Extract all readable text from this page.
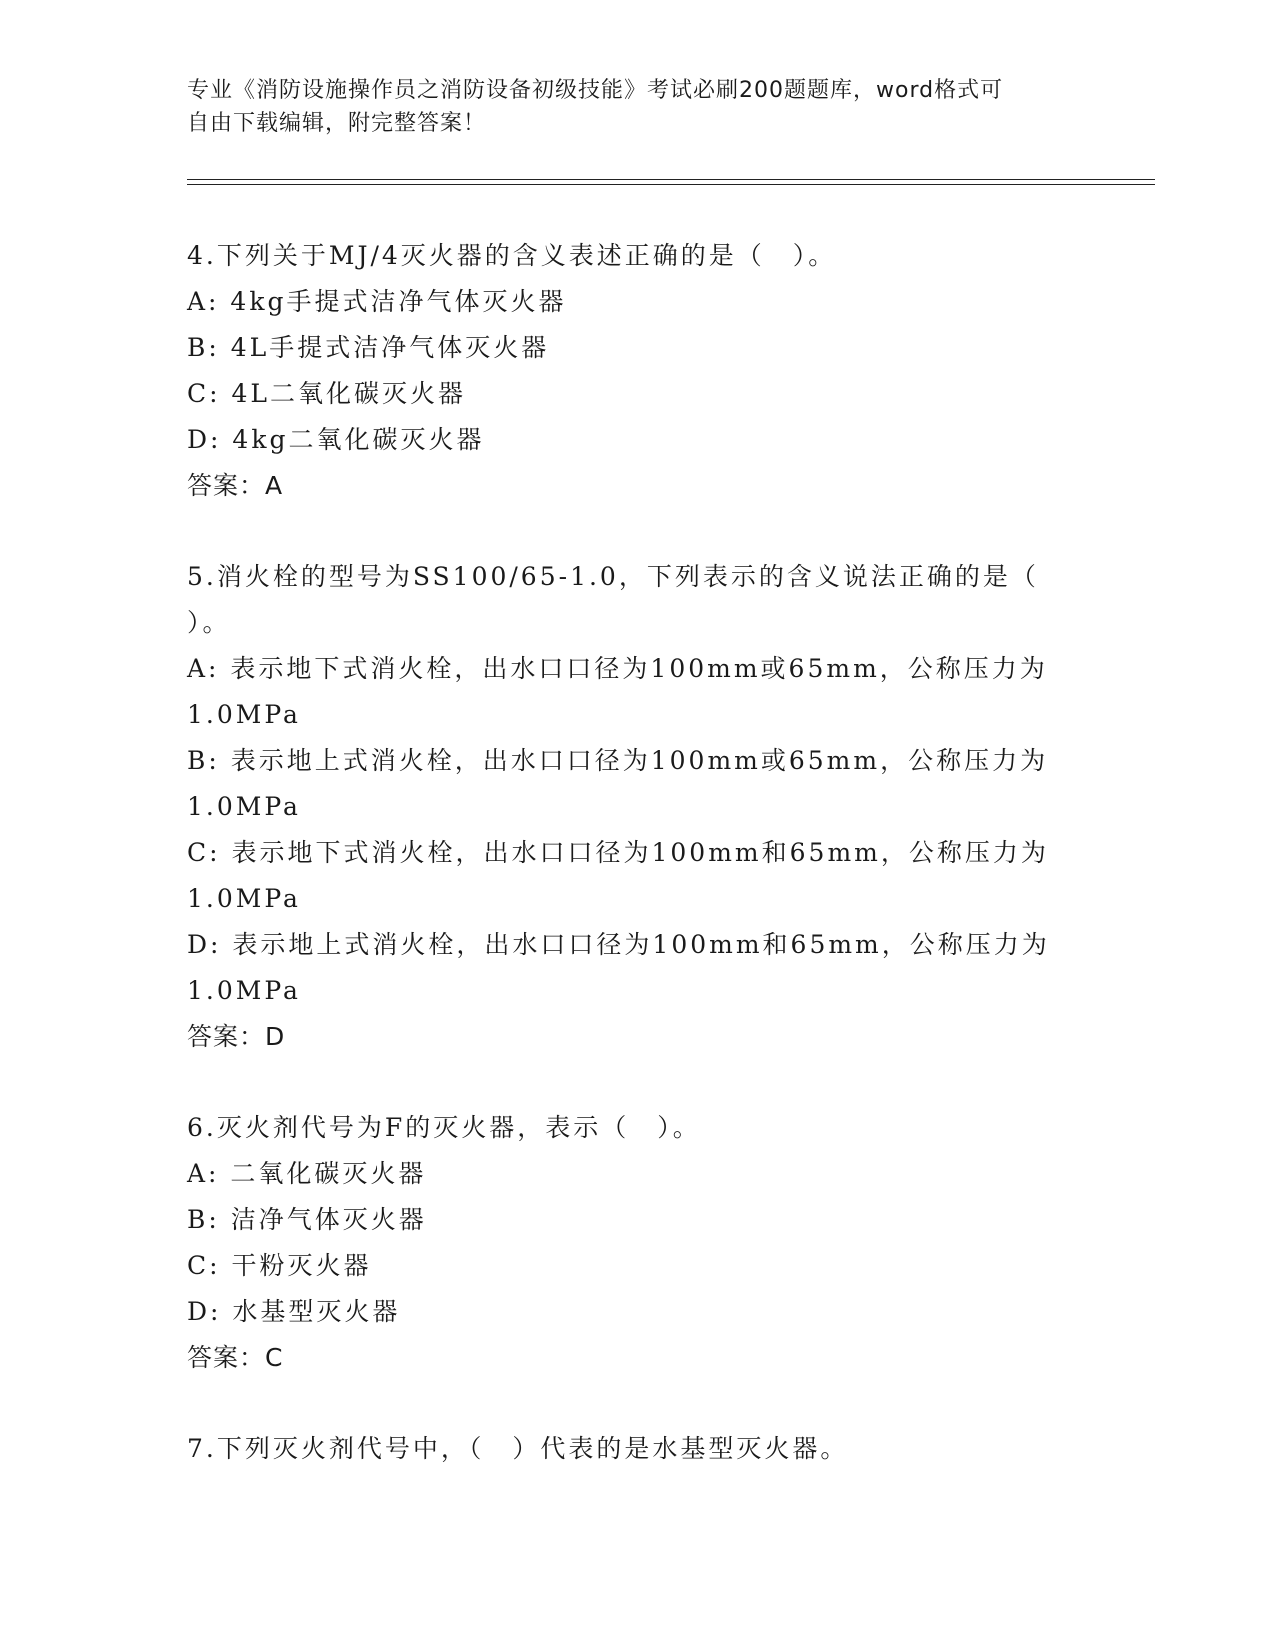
专业《消防设施操作员之消防设备初级技能》考试必刷200题题库，word格式可
自由下载编辑，附完整答案！
4.下列关于MJ/4灭火器的含义表述正确的是（　）。
A: 4kg手提式洁净气体灭火器
B: 4L手提式洁净气体灭火器
C: 4L二氧化碳灭火器
D: 4kg二氧化碳灭火器
答案：A
5.消火栓的型号为SS100/65-1.0，下列表示的含义说法正确的是（
）。
A: 表示地下式消火栓，出水口口径为100mm或65mm，公称压力为
1.0MPa
B: 表示地上式消火栓，出水口口径为100mm或65mm，公称压力为
1.0MPa
C: 表示地下式消火栓，出水口口径为100mm和65mm，公称压力为
1.0MPa
D: 表示地上式消火栓，出水口口径为100mm和65mm，公称压力为
1.0MPa
答案：D
6.灭火剂代号为F的灭火器，表示（　）。
A: 二氧化碳灭火器
B: 洁净气体灭火器
C: 干粉灭火器
D: 水基型灭火器
答案：C
7.下列灭火剂代号中，（　）代表的是水基型灭火器。
